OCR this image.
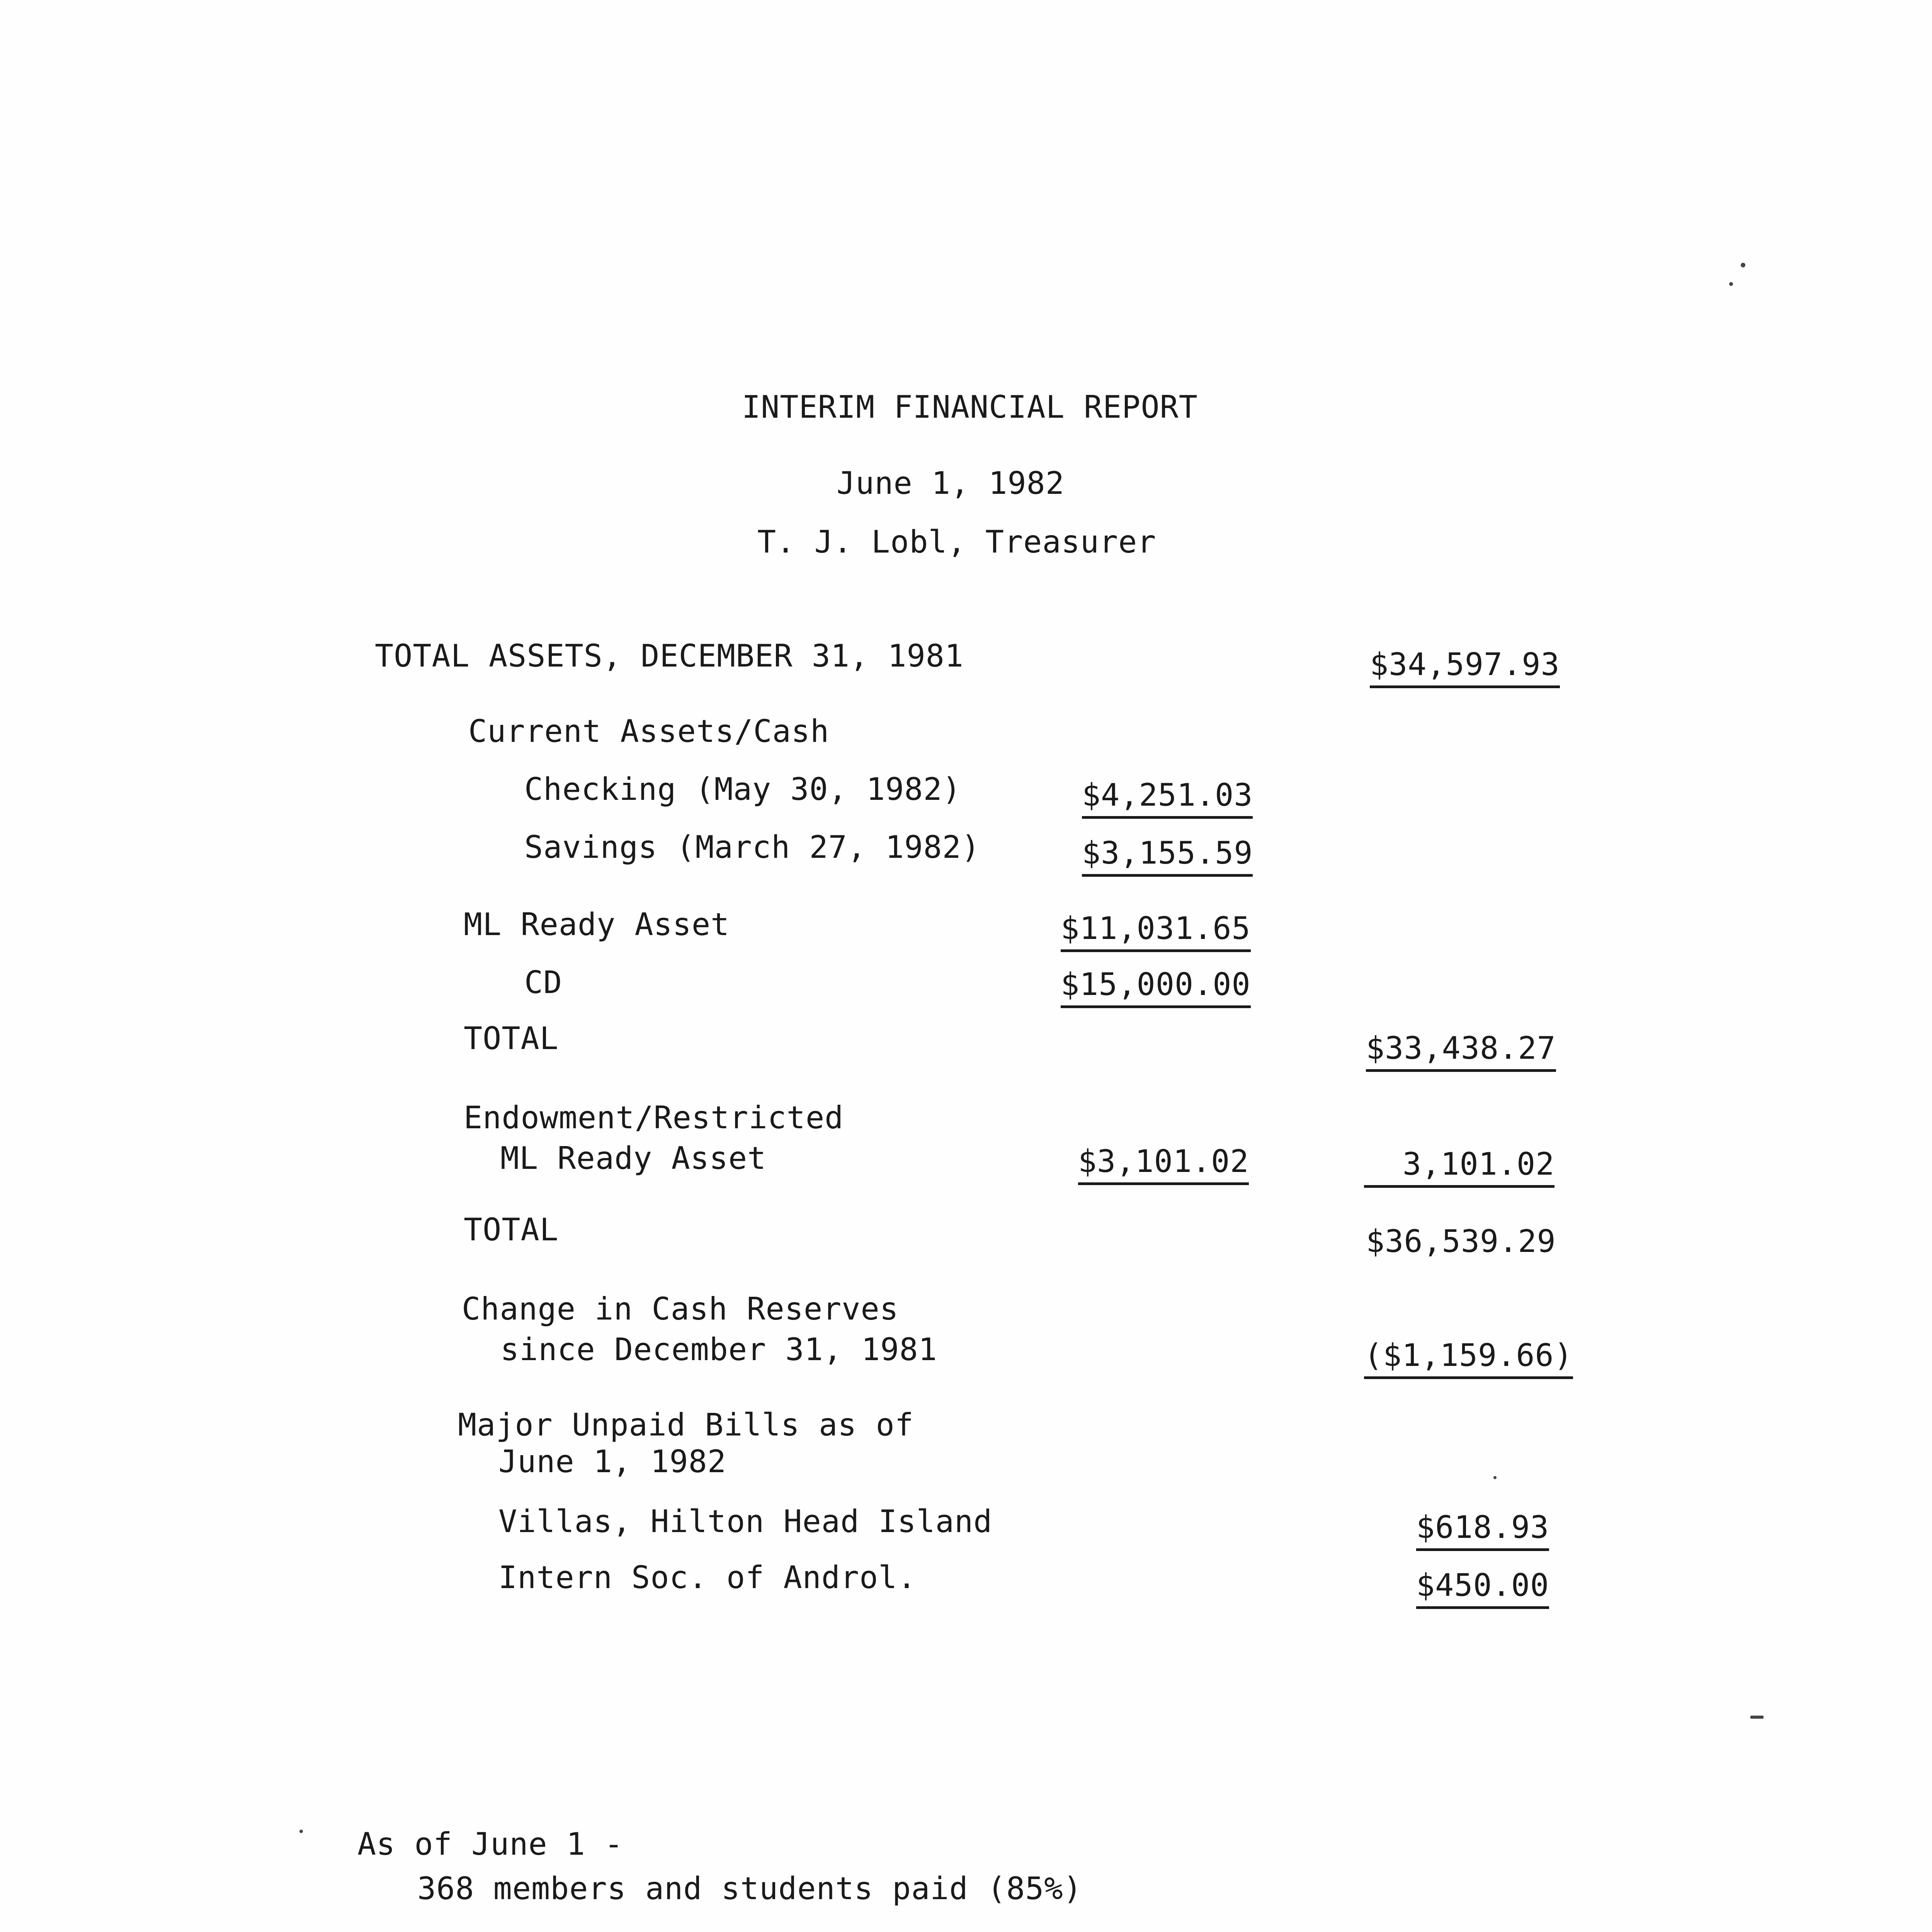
INTERIM FINANCIAL REPORT
June 1, 1982
T. J. Lobl, Treasurer
TOTAL ASSETS, DECEMBER 31, 1981	$34,597.93
Current Assets/Cash
Checking (May 30, 1982)	$4,251.03
Savings (March 27, 1982)	$3,155.59
ML Ready Asset	$11,031.65
CD	$15,000.00
TOTAL	$33,438.27
Endowment/Restricted
ML Ready Asset	$3,101.02	3,101.02
TOTAL	$36,539.29
Change in Cash Reserves
since December 31, 1981	($1,159.66)
Major Unpaid Bills as of
June 1, 1982
Villas, Hilton Head Island	$618.93
Intern Soc. of Androl.	$450.00
As of June 1 -
368 members and students paid (85%)
